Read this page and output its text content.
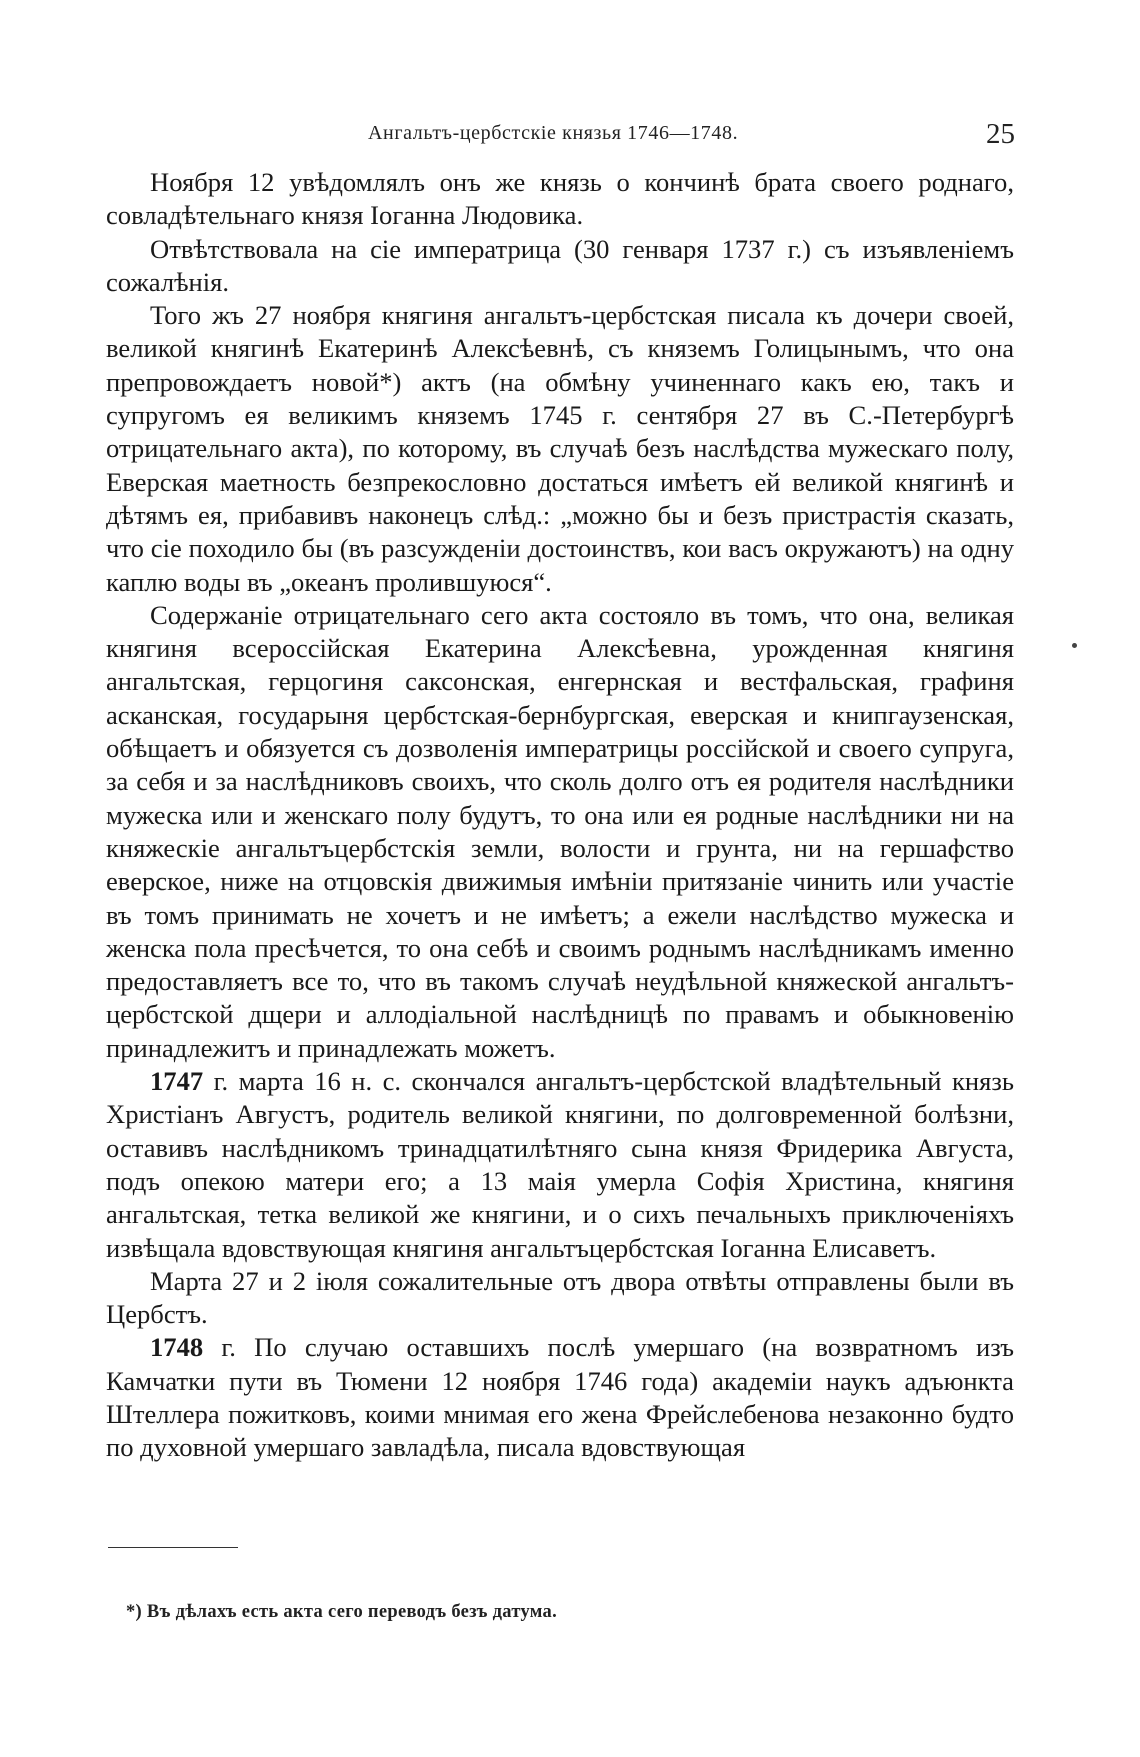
Ангальтъ-цербстскіе князья 1746—1748.	25

Ноября 12 увѣдомлялъ онъ же князь о кончинѣ брата своего роднаго, совладѣтельнаго князя Іоганна Людовика.

Отвѣтствовала на сіе императрица (30 генваря 1737 г.) съ изъявленіемъ сожалѣнія.

Того жъ 27 ноября княгиня ангальтъ-цербстская писала къ дочери своей, великой княгинѣ Екатеринѣ Алексѣевнѣ, съ княземъ Голицынымъ, что она препровождаетъ новой*) актъ (на обмѣну учиненнаго какъ ею, такъ и супругомъ ея великимъ княземъ 1745 г. сентября 27 въ С.-Петербургѣ отрицательнаго акта), по которому, въ случаѣ безъ наслѣдства мужескаго полу, Еверская маетность безпрекословно достаться имѣетъ ей великой княгинѣ и дѣтямъ ея, прибавивъ наконецъ слѣд.: „можно бы и безъ пристрастія сказать, что сіе походило бы (въ разсужденіи достоинствъ, кои васъ окружаютъ) на одну каплю воды въ „океанъ пролившуюся“.

Содержаніе отрицательнаго сего акта состояло въ томъ, что она, великая княгиня всероссійская Екатерина Алексѣевна, урожденная княгиня ангальтская, герцогиня саксонская, енгернская и вестфальская, графиня асканская, государыня цербстская-бернбургская, еверская и книпгаузенская, обѣщаетъ и обязуется съ дозволенія императрицы россійской и своего супруга, за себя и за наслѣдниковъ своихъ, что сколь долго отъ ея родителя наслѣдники мужеска или и женскаго полу будутъ, то она или ея родные наслѣдники ни на княжескіе ангальтъцербстскія земли, волости и грунта, ни на гершафство еверское, ниже на отцовскія движимыя имѣніи притязаніе чинить или участіе въ томъ принимать не хочетъ и не имѣетъ; а ежели наслѣдство мужеска и женска пола пресѣчется, то она себѣ и своимъ роднымъ наслѣдникамъ именно предоставляетъ все то, что въ такомъ случаѣ неудѣльной княжеской ангальтъ-цербстской дщери и аллодіальной наслѣдницѣ по правамъ и обыкновенію принадлежитъ и принадлежать можетъ.

1747 г. марта 16 н. с. скончался ангальтъ-цербстской владѣтельный князь Христіанъ Августъ, родитель великой княгини, по долговременной болѣзни, оставивъ наслѣдникомъ тринадцатилѣтняго сына князя Фридерика Августа, подъ опекою матери его; а 13 маія умерла Софія Христина, княгиня ангальтская, тетка великой же княгини, и о сихъ печальныхъ приключеніяхъ извѣщала вдовствующая княгиня ангальтъцербстская Іоганна Елисаветъ.

Марта 27 и 2 іюля сожалительные отъ двора отвѣты отправлены были въ Цербстъ.

1748 г. По случаю оставшихъ послѣ умершаго (на возвратномъ изъ Камчатки пути въ Тюмени 12 ноября 1746 года) академіи наукъ адъюнкта Штеллера пожитковъ, коими мнимая его жена Фрейслебенова незаконно будто по духовной умершаго завладѣла, писала вдовствующая

*) Въ дѣлахъ есть акта сего переводъ безъ датума.
